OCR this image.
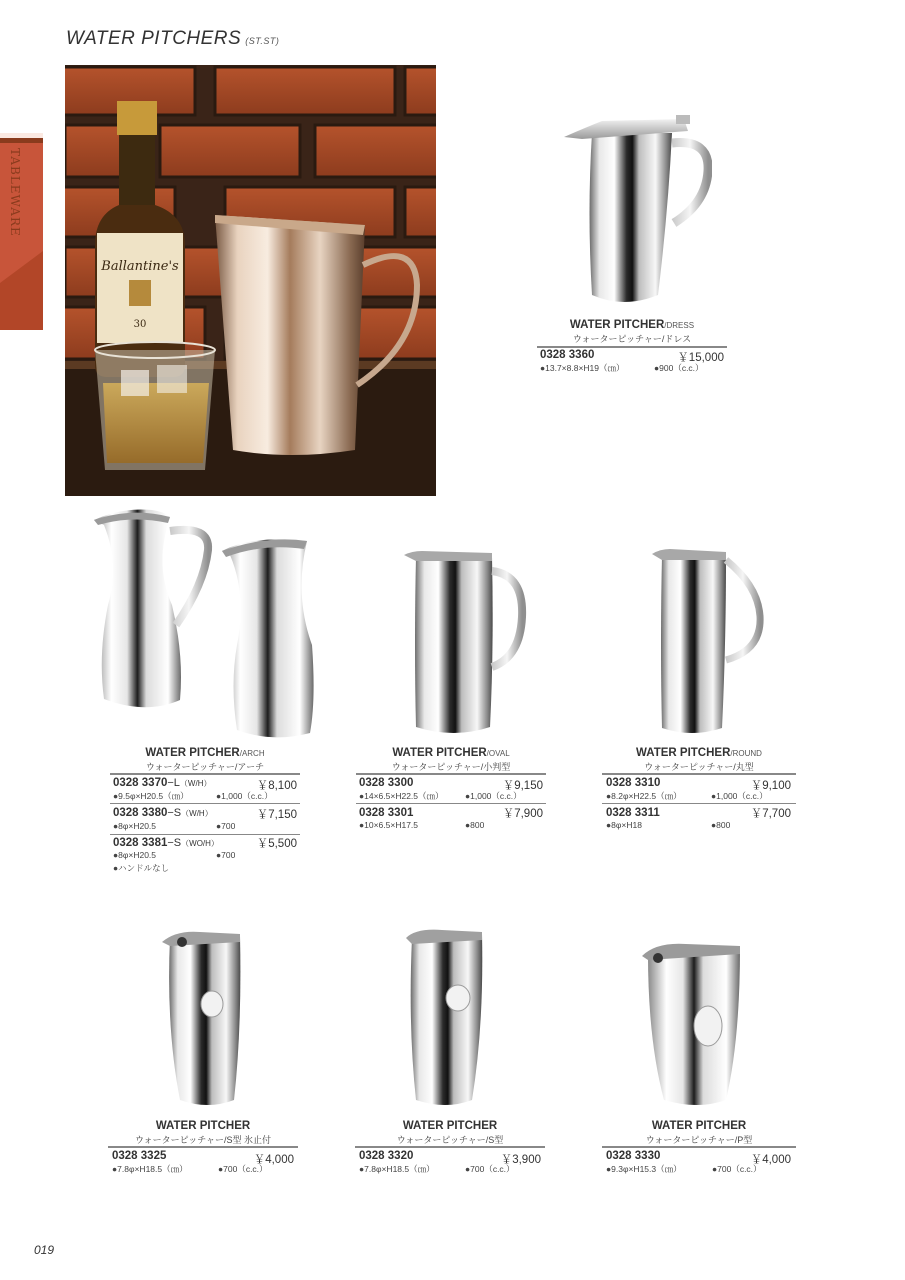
WATER PITCHERS (ST.ST)
TABLEWARE
Ballantine's
30	WATER PITCHER/DRESS
ウォーターピッチャー/ドレス
0328 3360	￥15,000
●13.7×8.8×H19（㎝）	●900（c.c.）
WATER PITCHER/ARCH
ウォーターピッチャー/アーチ
0328 3370−L（W/H）	￥8,100
●9.5φ×H20.5（㎝）	●1,000（c.c.）
0328 3380−S（W/H）	￥7,150
●8φ×H20.5	●700
0328 3381−S（WO/H）	￥5,500
●8φ×H20.5	●700
●ハンドルなし
WATER PITCHER/OVAL
ウォーターピッチャー/小判型
0328 3300	￥9,150
●14×6.5×H22.5（㎝）	●1,000（c.c.）
0328 3301	￥7,900
●10×6.5×H17.5	●800
WATER PITCHER/ROUND
ウォーターピッチャー/丸型
0328 3310	￥9,100
●8.2φ×H22.5（㎝）	●1,000（c.c.）
0328 3311	￥7,700
●8φ×H18	●800
WATER PITCHER
ウォーターピッチャー/S型 氷止付
0328 3325	￥4,000
●7.8φ×H18.5（㎝）	●700（c.c.）
WATER PITCHER
ウォーターピッチャー/S型
0328 3320	￥3,900
●7.8φ×H18.5（㎝）	●700（c.c.）
WATER PITCHER
ウォーターピッチャー/P型
0328 3330	￥4,000
●9.3φ×H15.3（㎝）	●700（c.c.）
019
